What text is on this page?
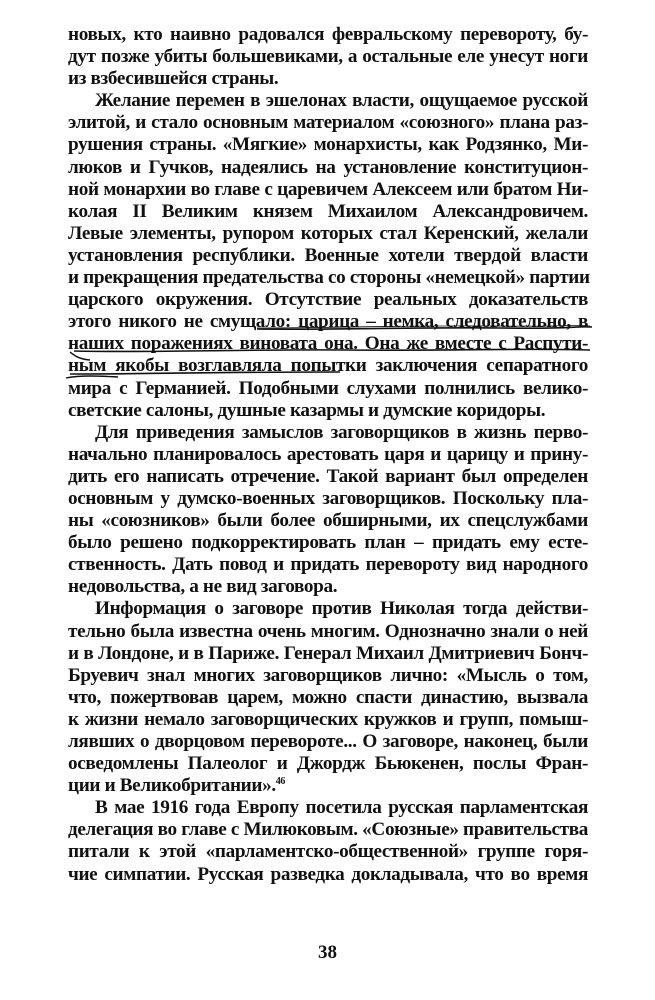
новых, кто наивно радовался февральскому перевороту, бу-
дут позже убиты большевиками, а остальные еле унесут ноги
из взбесившейся страны.
Желание перемен в эшелонах власти, ощущаемое русской
элитой, и стало основным материалом «союзного» плана раз-
рушения страны. «Мягкие» монархисты, как Родзянко, Ми-
люков и Гучков, надеялись на установление конституцион-
ной монархии во главе с царевичем Алексеем или братом Ни-
колая II Великим князем Михаилом Александровичем.
Левые элементы, рупором которых стал Керенский, желали
установления республики. Военные хотели твердой власти
и прекращения предательства со стороны «немецкой» партии
царского окружения. Отсутствие реальных доказательств
этого никого не смущало: царица – немка, следовательно, в
наших поражениях виновата она. Она же вместе с Распути-
ным якобы возглавляла попытки заключения сепаратного
мира с Германией. Подобными слухами полнились велико-
светские салоны, душные казармы и думские коридоры.
Для приведения замыслов заговорщиков в жизнь перво-
начально планировалось арестовать царя и царицу и прину-
дить его написать отречение. Такой вариант был определен
основным у думско-военных заговорщиков. Поскольку пла-
ны «союзников» были более обширными, их спецслужбами
было решено подкорректировать план – придать ему есте-
ственность. Дать повод и придать перевороту вид народного
недовольства, а не вид заговора.
Информация о заговоре против Николая тогда действи-
тельно была известна очень многим. Однозначно знали о ней
и в Лондоне, и в Париже. Генерал Михаил Дмитриевич Бонч-
Бруевич знал многих заговорщиков лично: «Мысль о том,
что, пожертвовав царем, можно спасти династию, вызвала
к жизни немало заговорщических кружков и групп, помыш-
лявших о дворцовом перевороте... О заговоре, наконец, были
осведомлены Палеолог и Джордж Бьюкенен, послы Фран-
ции и Великобритании».$^{46}$
В мае 1916 года Европу посетила русская парламентская
делегация во главе с Милюковым. «Союзные» правительства
питали к этой «парламентско-общественной» группе горя-
чие симпатии. Русская разведка докладывала, что во время
38
